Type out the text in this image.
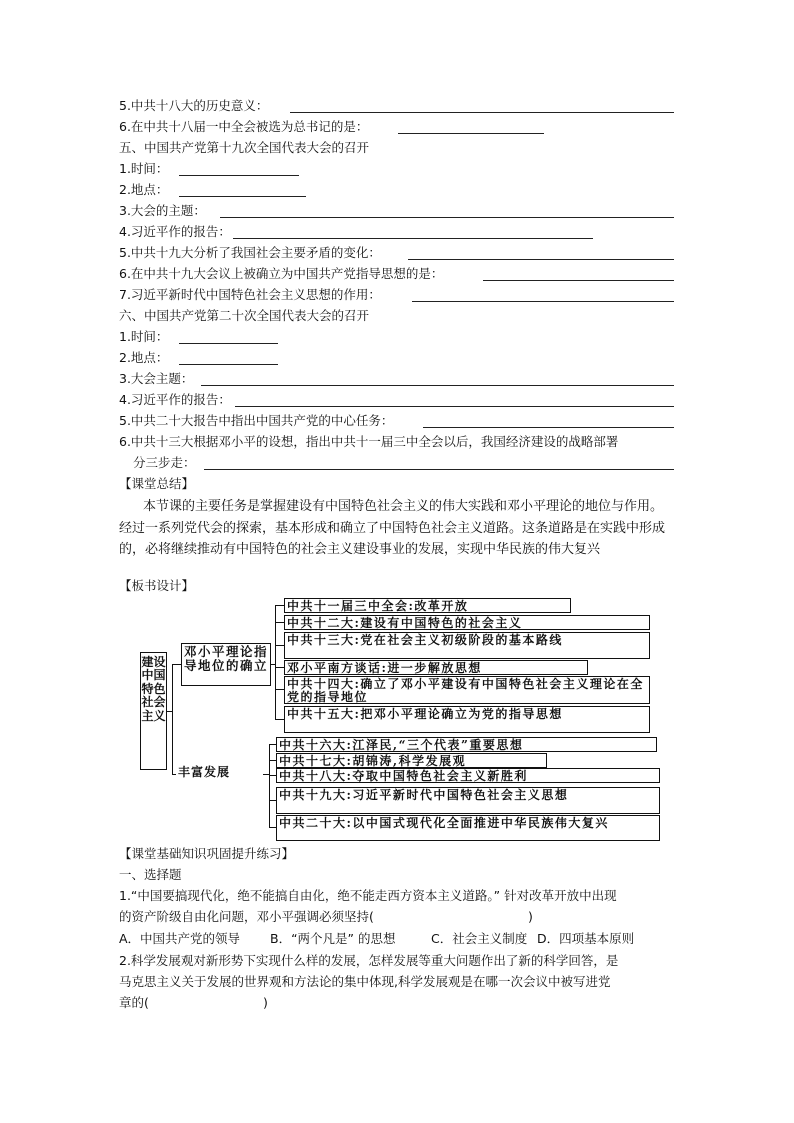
5.中共十八大的历史意义：
6.在中共十八届一中全会被选为总书记的是：
五、中国共产党第十九次全国代表大会的召开
1.时间：
2.地点：
3.大会的主题：
4.习近平作的报告：
5.中共十九大分析了我国社会主要矛盾的变化：
6.在中共十九大会议上被确立为中国共产党指导思想的是：
7.习近平新时代中国特色社会主义思想的作用：
六、中国共产党第二十次全国代表大会的召开
1.时间：
2.地点：
3.大会主题：
4.习近平作的报告：
5.中共二十大报告中指出中国共产党的中心任务：
6.中共十三大根据邓小平的设想，指出中共十一届三中全会以后，我国经济建设的战略部署
分三步走：
【课堂总结】
本节课的主要任务是掌握建设有中国特色社会主义的伟大实践和邓小平理论的地位与作用。经过一系列党代会的探索，基本形成和确立了中国特色社会主义道路。这条道路是在实践中形成的，必将继续推动有中国特色的社会主义建设事业的发展，实现中华民族的伟大复兴
【板书设计】
建设中国特色社会主义
邓小平理论指导地位的确立
丰富发展
中共十一届三中全会:改革开放
中共十二大:建设有中国特色的社会主义
中共十三大:党在社会主义初级阶段的基本路线
邓小平南方谈话:进一步解放思想
中共十四大:确立了邓小平建设有中国特色社会主义理论在全党的指导地位
中共十五大:把邓小平理论确立为党的指导思想
中共十六大:江泽民,“三个代表”重要思想
中共十七大:胡锦涛,科学发展观
中共十八大:夺取中国特色社会主义新胜利
中共十九大:习近平新时代中国特色社会主义思想
中共二十大:以中国式现代化全面推进中华民族伟大复兴
【课堂基础知识巩固提升练习】
一、选择题
1.“中国要搞现代化，绝不能搞自由化，绝不能走西方资本主义道路。” 针对改革开放中出现
的资产阶级自由化问题，邓小平强调必须坚持(	)
A．中国共产党的领导 B．“两个凡是” 的思想	C．社会主义制度 D．四项基本原则
2.科学发展观对新形势下实现什么样的发展，怎样发展等重大问题作出了新的科学回答，是
马克思主义关于发展的世界观和方法论的集中体现,科学发展观是在哪一次会议中被写进党
章的(	)
